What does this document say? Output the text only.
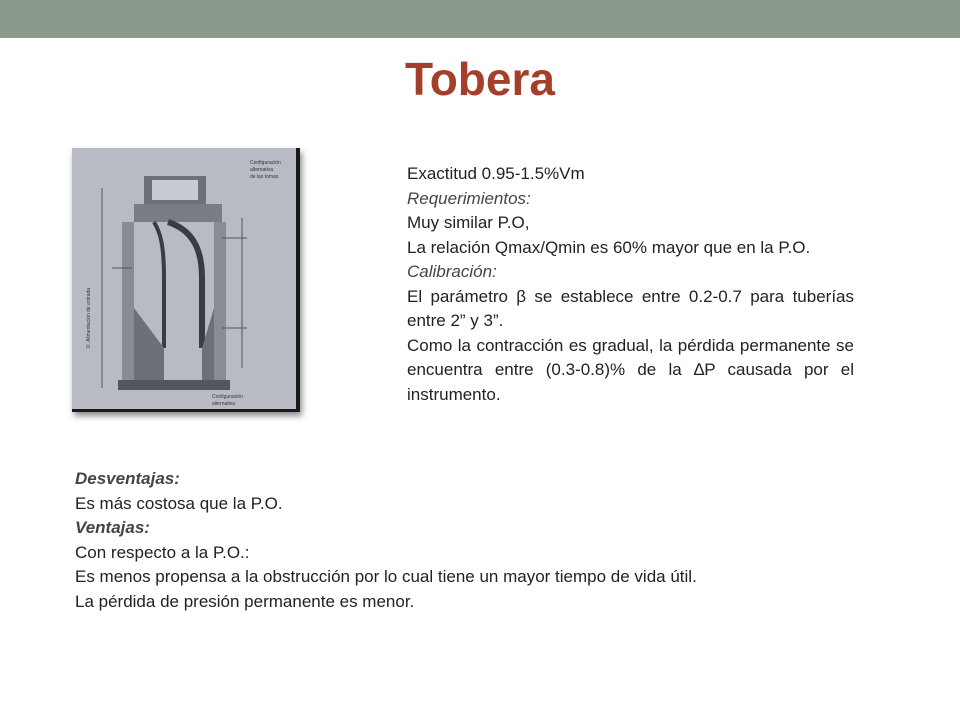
Tobera
Configuración
alternativa
de las tomas
Configuración
alternativa
D. Alimentación de entrada

Exactitud 0.95-1.5%Vm

Requerimientos:

Muy similar P.O,

La relación Qmax/Qmin es 60% mayor que en la P.O.

Calibración:

El parámetro β se establece entre 0.2-0.7 para tuberías entre 2” y 3”.

Como la contracción es gradual, la pérdida permanente se encuentra entre (0.3-0.8)% de la ∆P causada por el instrumento.

Desventajas:

Es más costosa que la P.O.

Ventajas:

Con respecto a la P.O.:

Es menos propensa a la obstrucción por lo cual tiene un mayor tiempo de vida útil.

La pérdida de presión permanente es menor.
